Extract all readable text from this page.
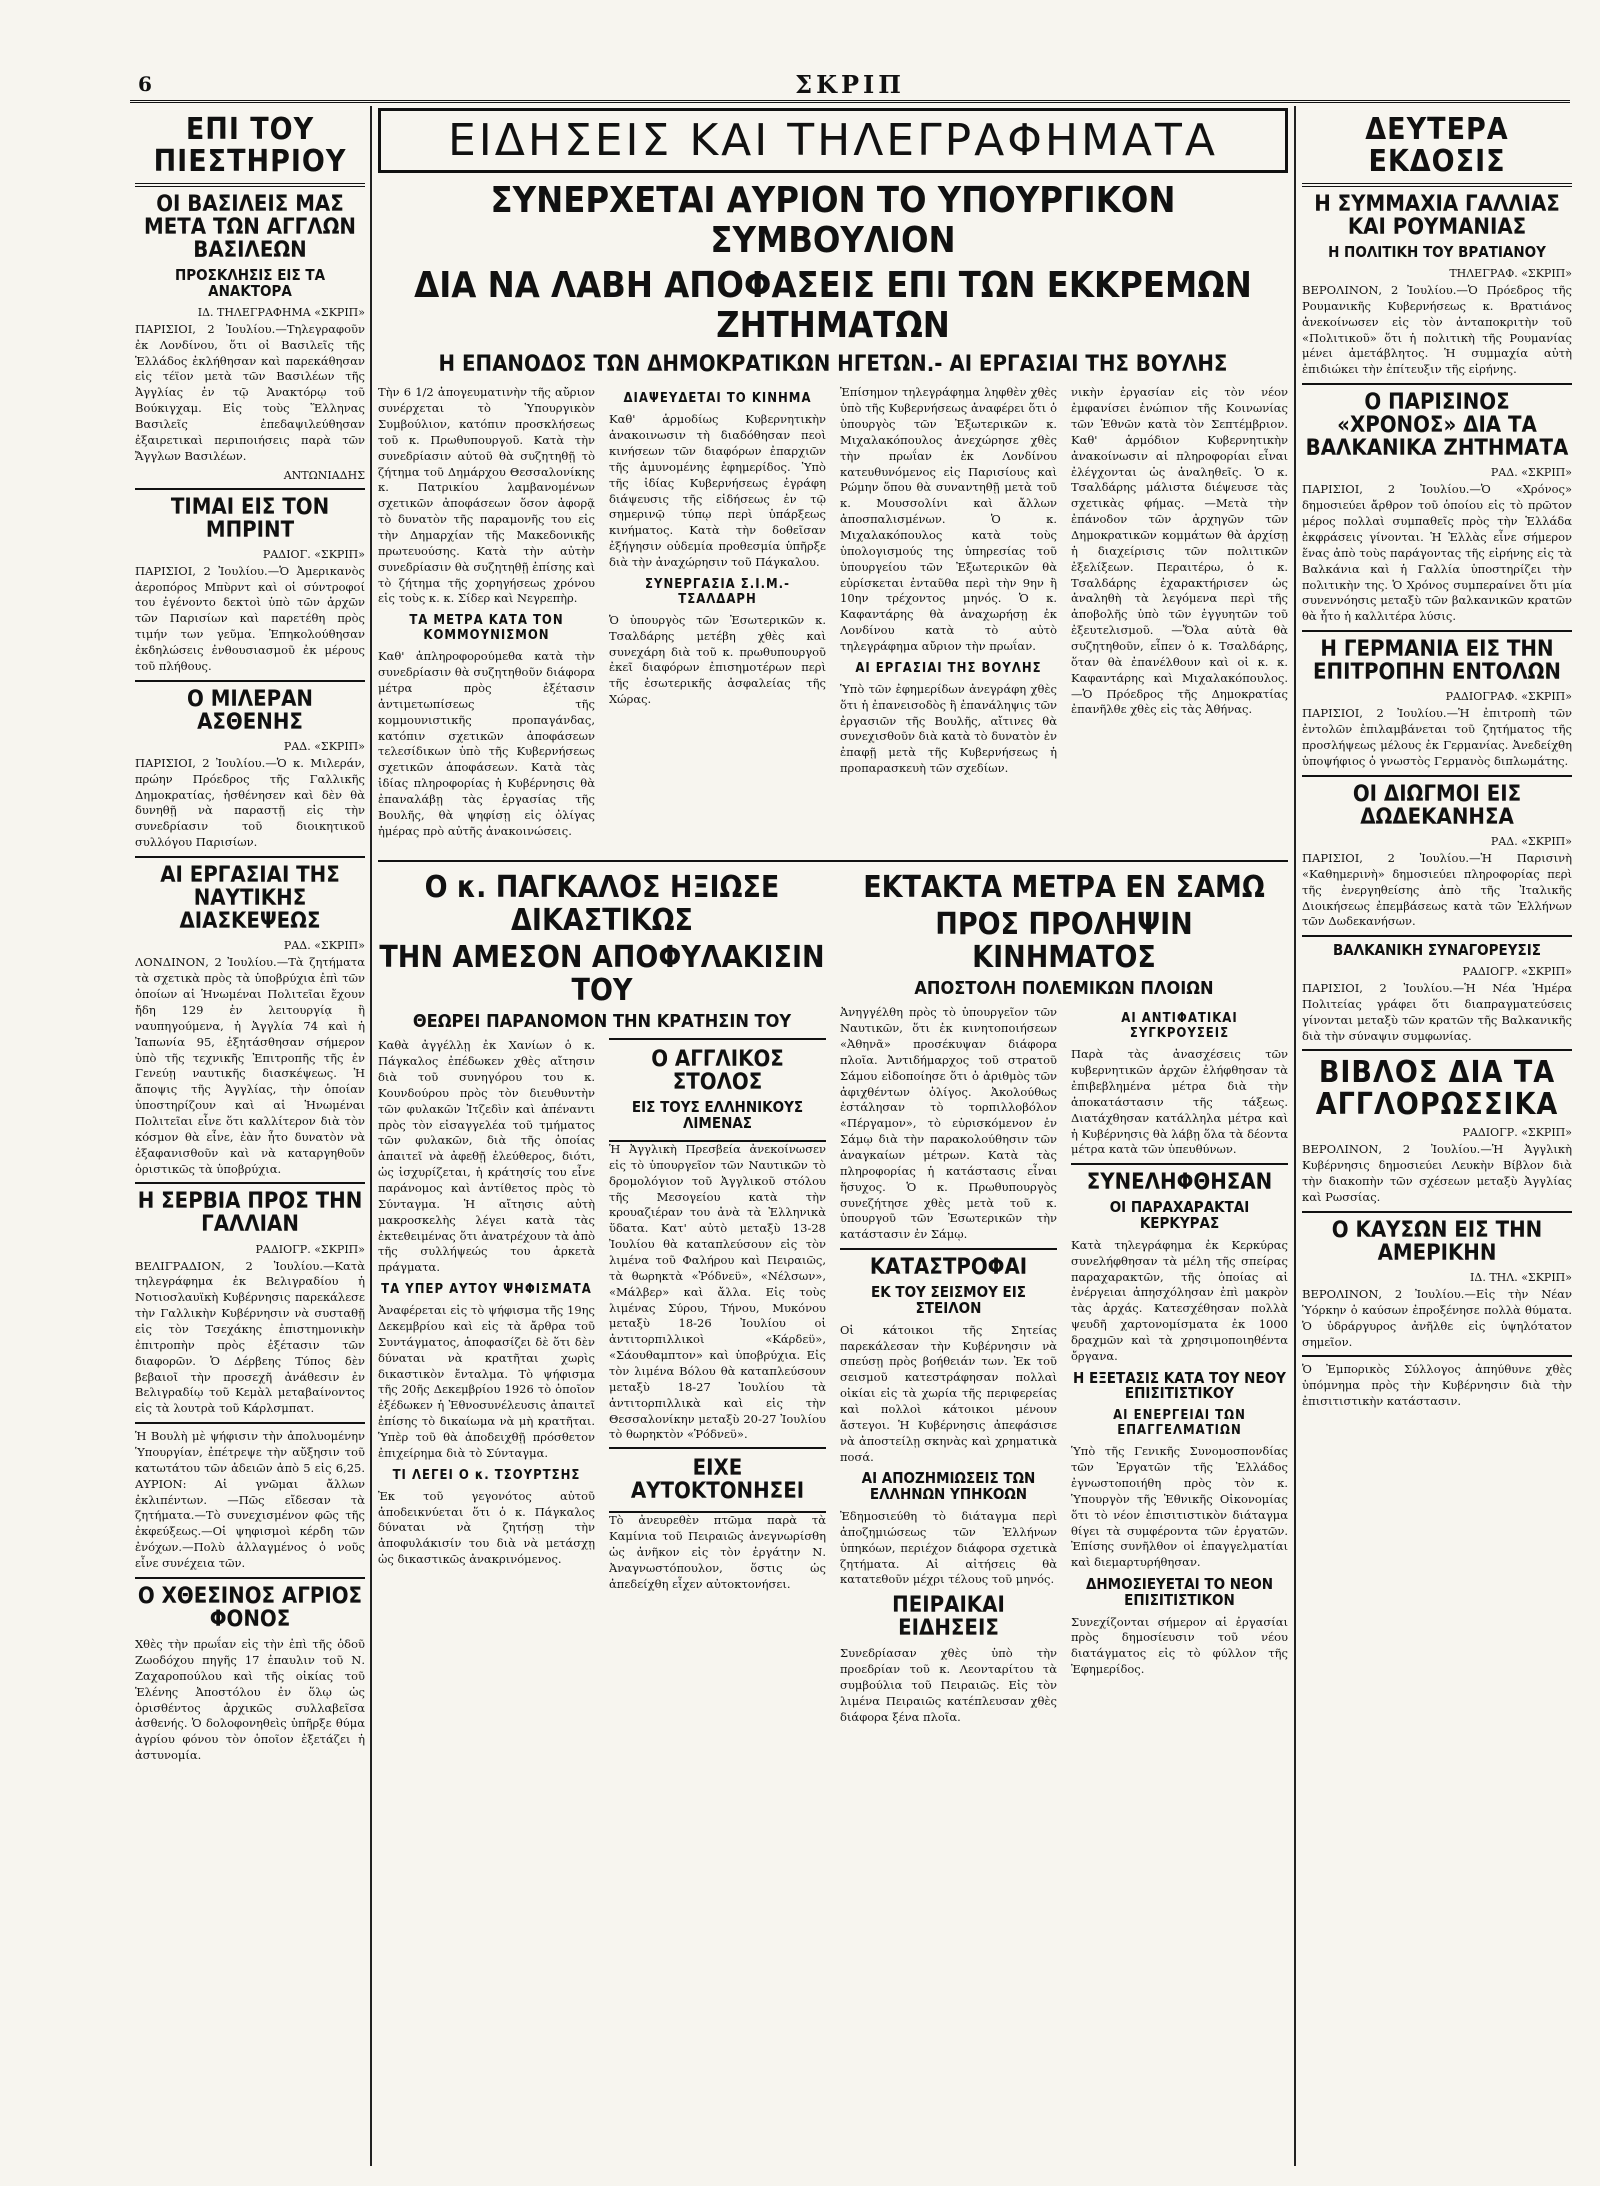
6	ΣΚΡΙΠ
ΕΠΙ ΤΟΥ ΠΙΕΣΤΗΡΙΟΥ
ΟΙ ΒΑΣΙΛΕΙΣ ΜΑΣ ΜΕΤΑ ΤΩΝ ΑΓΓΛΩΝ ΒΑΣΙΛΕΩΝ
ΠΡΟΣΚΛΗΣΙΣ ΕΙΣ ΤΑ ΑΝΑΚΤΟΡΑ
ΙΔ. ΤΗΛΕΓΡΑΦΗΜΑ «ΣΚΡΙΠ»

ΠΑΡΙΣΙΟΙ, 2 Ἰουλίου.—Τηλεγραφοῦν ἐκ Λονδίνου, ὅτι οἱ Βασιλεῖς τῆς Ἑλλάδος ἐκλήθησαν καὶ παρεκάθησαν εἰς τέϊον μετὰ τῶν Βασιλέων τῆς Ἀγγλίας ἐν τῷ Ἀνακτόρῳ τοῦ Βούκιγχαμ. Εἰς τοὺς Ἕλληνας Βασιλεῖς ἐπεδαψιλεύθησαν ἐξαιρετικαὶ περιποιήσεις παρὰ τῶν Ἄγγλων Βασιλέων.

ΑΝΤΩΝΙΑΔΗΣ
ΤΙΜΑΙ ΕΙΣ ΤΟΝ ΜΠΡΙΝΤ
ΡΑΔΙΟΓ. «ΣΚΡΙΠ»

ΠΑΡΙΣΙΟΙ, 2 Ἰουλίου.—Ὁ Ἀμερικανὸς ἀεροπόρος Μπὺρντ καὶ οἱ σύντροφοί του ἐγένοντο δεκτοὶ ὑπὸ τῶν ἀρχῶν τῶν Παρισίων καὶ παρετέθη πρὸς τιμήν των γεῦμα. Ἐπηκολούθησαν ἐκδηλώσεις ἐνθουσιασμοῦ ἐκ μέρους τοῦ πλήθους.

Ο ΜΙΛΕΡΑΝ ΑΣΘΕΝΗΣ
ΡΑΔ. «ΣΚΡΙΠ»

ΠΑΡΙΣΙΟΙ, 2 Ἰουλίου.—Ὁ κ. Μιλεράν, πρώην Πρόεδρος τῆς Γαλλικῆς Δημοκρατίας, ἠσθένησεν καὶ δὲν θὰ δυνηθῇ νὰ παραστῇ εἰς τὴν συνεδρίασιν τοῦ διοικητικοῦ συλλόγου Παρισίων.

ΑΙ ΕΡΓΑΣΙΑΙ ΤΗΣ ΝΑΥΤΙΚΗΣ ΔΙΑΣΚΕΨΕΩΣ
ΡΑΔ. «ΣΚΡΙΠ»

ΛΟΝΔΙΝΟΝ, 2 Ἰουλίου.—Τὰ ζητήματα τὰ σχετικὰ πρὸς τὰ ὑποβρύχια ἐπὶ τῶν ὁποίων αἱ Ἡνωμέναι Πολιτεῖαι ἔχουν ἤδη 129 ἐν λειτουργίᾳ ἢ ναυπηγούμενα, ἡ Ἀγγλία 74 καὶ ἡ Ἰαπωνία 95, ἐξητάσθησαν σήμερον ὑπὸ τῆς τεχνικῆς Ἐπιτροπῆς τῆς ἐν Γενεύῃ ναυτικῆς διασκέψεως. Ἡ ἄποψις τῆς Ἀγγλίας, τὴν ὁποίαν ὑποστηρίζουν καὶ αἱ Ἡνωμέναι Πολιτεῖαι εἶνε ὅτι καλλίτερον διὰ τὸν κόσμον θὰ εἶνε, ἐὰν ἦτο δυνατὸν νὰ ἐξαφανισθοῦν καὶ νὰ καταργηθοῦν ὁριστικῶς τὰ ὑποβρύχια.

Η ΣΕΡΒΙΑ ΠΡΟΣ ΤΗΝ ΓΑΛΛΙΑΝ
ΡΑΔΙΟΓΡ. «ΣΚΡΙΠ»

ΒΕΛΙΓΡΑΔΙΟΝ, 2 Ἰουλίου.—Κατὰ τηλεγράφημα ἐκ Βελιγραδίου ἡ Νοτιοσλαυϊκὴ Κυβέρνησις παρεκάλεσε τὴν Γαλλικὴν Κυβέρνησιν νὰ συσταθῇ εἰς τὸν Τσεχάκης ἐπιστημονικὴν ἐπιτροπὴν πρὸς ἐξέτασιν τῶν διαφορῶν. Ὁ Δέρβεης Τύπος δὲν βεβαιοῖ τὴν προσεχῆ ἀνάθεσιν ἐν Βελιγραδίῳ τοῦ Κεμὰλ μεταβαίνοντος εἰς τὰ λουτρὰ τοῦ Κάρλσμπατ.

Ἡ Βουλὴ μὲ ψήφισιν τὴν ἀπολυομένην Ὑπουργίαν, ἐπέτρεψε τὴν αὔξησιν τοῦ κατωτάτου τῶν ἀδειῶν ἀπὸ 5 εἰς 6,25. ΑΥΡΙΟΝ: Αἱ γνῶμαι ἄλλων ἐκλιπέντων. —Πῶς εἴδεσαν τὰ ζητήματα.—Τὸ συνεχισμένον φῶς τῆς ἐκφεύξεως.—Οἱ ψηφισμοὶ κέρδη τῶν ἐνόχων.—Πολὺ ἀλλαγμένος ὁ νοῦς εἶνε συνέχεια τῶν.

Ο ΧΘΕΣΙΝΟΣ ΑΓΡΙΟΣ ΦΟΝΟΣ

Χθὲς τὴν πρωΐαν εἰς τὴν ἐπὶ τῆς ὁδοῦ Ζωοδόχου πηγῆς 17 ἐπαυλιν τοῦ Ν. Ζαχαροπούλου καὶ τῆς οἰκίας τοῦ Ἑλένης Ἀποστόλου ἐν ὅλῳ ὡς ὁρισθέντος ἀρχικῶς συλλαβεῖσα ἀσθενής. Ὁ δολοφονηθεὶς ὑπῆρξε θύμα ἀγρίου φόνου τὸν ὁποῖον ἐξετάζει ἡ ἀστυνομία.

ΕΙΔΗΣΕΙΣ ΚΑΙ ΤΗΛΕΓΡΑΦΗΜΑΤΑ
ΣΥΝΕΡΧΕΤΑΙ ΑΥΡΙΟΝ ΤΟ ΥΠΟΥΡΓΙΚΟΝ ΣΥΜΒΟΥΛΙΟΝ
ΔΙΑ ΝΑ ΛΑΒΗ ΑΠΟΦΑΣΕΙΣ ΕΠΙ ΤΩΝ ΕΚΚΡΕΜΩΝ ΖΗΤΗΜΑΤΩΝ
Η ΕΠΑΝΟΔΟΣ ΤΩΝ ΔΗΜΟΚΡΑΤΙΚΩΝ ΗΓΕΤΩΝ.- ΑΙ ΕΡΓΑΣΙΑΙ ΤΗΣ ΒΟΥΛΗΣ

Τὴν 6 1/2 ἀπογευματινὴν τῆς αὔριον συνέρχεται τὸ Ὑπουργικὸν Συμβούλιον, κατόπιν προσκλήσεως τοῦ κ. Πρωθυπουργοῦ. Κατὰ τὴν συνεδρίασιν αὐτοῦ θὰ συζητηθῇ τὸ ζήτημα τοῦ Δημάρχου Θεσσαλονίκης κ. Πατρικίου λαμβανομένων σχετικῶν ἀποφάσεων ὅσον ἀφορᾷ τὸ δυνατὸν τῆς παραμονῆς του εἰς τὴν Δημαρχίαν τῆς Μακεδονικῆς πρωτευούσης. Κατὰ τὴν αὐτὴν συνεδρίασιν θὰ συζητηθῇ ἐπίσης καὶ τὸ ζήτημα τῆς χορηγήσεως χρόνου εἰς τοὺς κ. κ. Σίδερ καὶ Νεγρεπὴρ.

ΤΑ ΜΕΤΡΑ ΚΑΤΑ ΤΟΝ ΚΟΜΜΟΥΝΙΣΜΟΝ

Καθ' ἁπληροφορούμεθα κατὰ τὴν συνεδρίασιν θὰ συζητηθοῦν διάφορα μέτρα πρὸς ἐξέτασιν ἀντιμετωπίσεως τῆς κομμουνιστικῆς προπαγάνδας, κατόπιν σχετικῶν ἀποφάσεων τελεσίδικων ὑπὸ τῆς Κυβερνήσεως σχετικῶν ἀποφάσεων. Κατὰ τὰς ἰδίας πληροφορίας ἡ Κυβέρνησις θὰ ἐπαναλάβῃ τὰς ἐργασίας τῆς Βουλῆς, θὰ ψηφίσῃ εἰς ὀλίγας ἡμέρας πρὸ αὐτῆς ἀνακοινώσεις.

ΔΙΑΨΕΥΔΕΤΑΙ ΤΟ ΚΙΝΗΜΑ

Καθ' ἁρμοδίως Κυβερνητικὴν ἀνακοινωσιν τὴ διαδόθησαν πεοὶ κινήσεων τῶν διαφόρων ἐπαρχιῶν τῆς ἀμυνομένης ἐφημερίδος. Ὑπὸ τῆς ἰδίας Κυβερνήσεως ἐγράφη διάψευσις τῆς εἰδήσεως ἐν τῷ σημερινῷ τύπῳ περὶ ὑπάρξεως κινήματος. Κατὰ τὴν δοθεῖσαν ἐξήγησιν οὐδεμία προθεσμία ὑπῆρξε διὰ τὴν ἀναχώρησιν τοῦ Πάγκαλου.

ΣΥΝΕΡΓΑΣΙΑ Σ.Ι.Μ.-ΤΣΑΛΔΑΡΗ

Ὁ ὑπουργὸς τῶν Ἐσωτερικῶν κ. Τσαλδάρης μετέβη χθὲς καὶ συνεχάρη διὰ τοῦ κ. πρωθυπουργοῦ ἐκεῖ διαφόρων ἐπισημοτέρων περὶ τῆς ἐσωτερικῆς ἀσφαλείας τῆς Χώρας.

Ἐπίσημον τηλεγράφημα ληφθὲν χθὲς ὑπὸ τῆς Κυβερνήσεως ἀναφέρει ὅτι ὁ ὑπουργὸς τῶν Ἐξωτερικῶν κ. Μιχαλακόπουλος ἀνεχώρησε χθὲς τὴν πρωΐαν ἐκ Λονδίνου κατευθυνόμενος εἰς Παρισίους καὶ Ρώμην ὅπου θὰ συναντηθῇ μετὰ τοῦ κ. Μουσσολίνι καὶ ἄλλων ἀποσπαλισμένων. Ὁ κ. Μιχαλακόπουλος κατὰ τοὺς ὑπολογισμούς της ὑπηρεσίας τοῦ ὑπουργείου τῶν Ἐξωτερικῶν θὰ εὑρίσκεται ἐνταῦθα περὶ τὴν 9ην ἢ 10ην τρέχοντος μηνός. Ὁ κ. Καφαντάρης θὰ ἀναχωρήσῃ ἐκ Λονδίνου κατὰ τὸ αὐτὸ τηλεγράφημα αὔριον τὴν πρωΐαν.

ΑΙ ΕΡΓΑΣΙΑΙ ΤΗΣ ΒΟΥΛΗΣ

Ὑπὸ τῶν ἐφημερίδων ἀνεγράφη χθὲς ὅτι ἡ ἐπανεισοδὸς ἢ ἐπανάληψις τῶν ἐργασιῶν τῆς Βουλῆς, αἴτινες θὰ συνεχισθοῦν διὰ κατὰ τὸ δυνατὸν ἐν ἐπαφῇ μετὰ τῆς Κυβερνήσεως ἡ προπαρασκευὴ τῶν σχεδίων.

νικὴν ἐργασίαν εἰς τὸν νέον ἐμφανίσει ἐνώπιον τῆς Κοινωνίας τῶν Ἐθνῶν κατὰ τὸν Σεπτέμβριον. Καθ' ἁρμόδιον Κυβερνητικὴν ἀνακοίνωσιν αἱ πληροφορίαι εἶναι ἐλέγχονται ὡς ἀναληθεῖς. Ὁ κ. Τσαλδάρης μάλιστα διέψευσε τὰς σχετικὰς φήμας. —Μετὰ τὴν ἐπάνοδον τῶν ἀρχηγῶν τῶν Δημοκρατικῶν κομμάτων θὰ ἀρχίσῃ ἡ διαχείρισις τῶν πολιτικῶν ἐξελίξεων. Περαιτέρω, ὁ κ. Τσαλδάρης ἐχαρακτήρισεν ὡς ἀναληθὴ τὰ λεγόμενα περὶ τῆς ἀποβολῆς ὑπὸ τῶν ἐγγυητῶν τοῦ ἐξευτελισμοῦ. —Ὅλα αὐτὰ θὰ συζητηθοῦν, εἶπεν ὁ κ. Τσαλδάρης, ὅταν θὰ ἐπανέλθουν καὶ οἱ κ. κ. Καφαντάρης καὶ Μιχαλακόπουλος. —Ὁ Πρόεδρος τῆς Δημοκρατίας ἐπανῆλθε χθὲς εἰς τὰς Ἀθήνας.

Ο κ. ΠΑΓΚΑΛΟΣ ΗΞΙΩΣΕ ΔΙΚΑΣΤΙΚΩΣ
ΤΗΝ ΑΜΕΣΟΝ ΑΠΟΦΥΛΑΚΙΣΙΝ ΤΟΥ
ΘΕΩΡΕΙ ΠΑΡΑΝΟΜΟΝ ΤΗΝ ΚΡΑΤΗΣΙΝ ΤΟΥ

Καθὰ ἀγγέλλῃ ἐκ Χανίων ὁ κ. Πάγκαλος ἐπέδωκεν χθὲς αἴτησιν διὰ τοῦ συνηγόρου του κ. Κουνδούρου πρὸς τὸν διευθυντὴν τῶν φυλακῶν Ἰτζεδὶν καὶ ἀπέναντι πρὸς τὸν εἰσαγγελέα τοῦ τμήματος τῶν φυλακῶν, διὰ τῆς ὁποίας ἀπαιτεῖ νὰ ἀφεθῇ ἐλεύθερος, διότι, ὡς ἰσχυρίζεται, ἡ κράτησίς του εἶνε παράνομος καὶ ἀντίθετος πρὸς τὸ Σύνταγμα. Ἡ αἴτησις αὐτὴ μακροσκελὴς λέγει κατὰ τὰς ἐκτεθειμένας ὅτι ἀνατρέχουν τὰ ἀπὸ τῆς συλλήψεώς του ἀρκετὰ πράγματα.

ΤΑ ΥΠΕΡ ΑΥΤΟΥ ΨΗΦΙΣΜΑΤΑ

Ἀναφέρεται εἰς τὸ ψήφισμα τῆς 19ης Δεκεμβρίου καὶ εἰς τὰ ἄρθρα τοῦ Συντάγματος, ἀποφασίζει δὲ ὅτι δὲν δύναται νὰ κρατῆται χωρὶς δικαστικὸν ἔνταλμα. Τὸ ψήφισμα τῆς 20ῆς Δεκεμβρίου 1926 τὸ ὁποῖον ἐξέδωκεν ἡ Ἐθνοσυνέλευσις ἀπαιτεῖ ἐπίσης τὸ δικαίωμα νὰ μὴ κρατῆται. Ὑπὲρ τοῦ θὰ ἀποδειχθῇ πρόσθετον ἐπιχείρημα διὰ τὸ Σύνταγμα.

ΤΙ ΛΕΓΕΙ Ο κ. ΤΣΟΥΡΤΣΗΣ

Ἐκ τοῦ γεγονότος αὐτοῦ ἀποδεικνύεται ὅτι ὁ κ. Πάγκαλος δύναται νὰ ζητήσῃ τὴν ἀποφυλάκισίν του διὰ νὰ μετάσχῃ ὡς δικαστικῶς ἀνακρινόμενος.

Ο ΑΓΓΛΙΚΟΣ ΣΤΟΛΟΣ
ΕΙΣ ΤΟΥΣ ΕΛΛΗΝΙΚΟΥΣ ΛΙΜΕΝΑΣ

Ἡ Ἀγγλικὴ Πρεσβεία ἀνεκοίνωσεν εἰς τὸ ὑπουργεῖον τῶν Ναυτικῶν τὸ δρομολόγιον τοῦ Ἀγγλικοῦ στόλου τῆς Μεσογείου κατὰ τὴν κρουαζιέραν του ἀνὰ τὰ Ἑλληνικὰ ὕδατα. Κατ' αὐτὸ μεταξὺ 13-28 Ἰουλίου θὰ καταπλεύσουν εἰς τὸν λιμένα τοῦ Φαλήρου καὶ Πειραιῶς, τὰ θωρηκτὰ «Ῥόδνεϋ», «Νέλσων», «Μάλβερ» καὶ ἄλλα. Εἰς τοὺς λιμένας Σύρου, Τήνου, Μυκόνου μεταξὺ 18-26 Ἰουλίου οἱ ἀντιτορπιλλικοὶ «Κάρδεϋ», «Σάουθαμπτον» καὶ ὑποβρύχια. Εἰς τὸν λιμένα Βόλου θὰ καταπλεύσουν μεταξὺ 18-27 Ἰουλίου τὰ ἀντιτορπιλλικὰ καὶ εἰς τὴν Θεσσαλονίκην μεταξὺ 20-27 Ἰουλίου τὸ θωρηκτὸν «Ῥόδνεϋ».

ΕΙΧΕ ΑΥΤΟΚΤΟΝΗΣΕΙ

Τὸ ἀνευρεθὲν πτῶμα παρὰ τὰ Καμίνια τοῦ Πειραιῶς ἀνεγνωρίσθη ὡς ἀνῆκον εἰς τὸν ἐργάτην Ν. Ἀναγνωστόπουλον, ὅστις ὡς ἀπεδείχθη εἶχεν αὐτοκτονήσει.

ΕΚΤΑΚΤΑ ΜΕΤΡΑ ΕΝ ΣΑΜΩ
ΠΡΟΣ ΠΡΟΛΗΨΙΝ ΚΙΝΗΜΑΤΟΣ
ΑΠΟΣΤΟΛΗ ΠΟΛΕΜΙΚΩΝ ΠΛΟΙΩΝ

Ἀνηγγέλθη πρὸς τὸ ὑπουργεῖον τῶν Ναυτικῶν, ὅτι ἐκ κινητοποιήσεων «Ἀθηνᾶ» προσέκυψαν διάφορα πλοῖα. Ἀντιδήμαρχος τοῦ στρατοῦ Σάμου εἰδοποίησε ὅτι ὁ ἀριθμὸς τῶν ἀφιχθέντων ὀλίγος. Ἀκολούθως ἐστάλησαν τὸ τορπιλλοβόλον «Πέργαμον», τὸ εὑρισκόμενον ἐν Σάμῳ διὰ τὴν παρακολούθησιν τῶν ἀναγκαίων μέτρων. Κατὰ τὰς πληροφορίας ἡ κατάστασις εἶναι ἥσυχος. Ὁ κ. Πρωθυπουργὸς συνεζήτησε χθὲς μετὰ τοῦ κ. ὑπουργοῦ τῶν Ἐσωτερικῶν τὴν κατάστασιν ἐν Σάμῳ.

ΚΑΤΑΣΤΡΟΦΑΙ
ΕΚ ΤΟΥ ΣΕΙΣΜΟΥ ΕΙΣ ΣΤΕΙΛΟΝ

Οἱ κάτοικοι τῆς Σητείας παρεκάλεσαν τὴν Κυβέρνησιν νὰ σπεύσῃ πρὸς βοήθειάν των. Ἐκ τοῦ σεισμοῦ κατεστράφησαν πολλαὶ οἰκίαι εἰς τὰ χωρία τῆς περιφερείας καὶ πολλοὶ κάτοικοι μένουν ἄστεγοι. Ἡ Κυβέρνησις ἀπεφάσισε νὰ ἀποστείλῃ σκηνὰς καὶ χρηματικὰ ποσά.

ΑΙ ΑΠΟΖΗΜΙΩΣΕΙΣ ΤΩΝ ΕΛΛΗΝΩΝ ΥΠΗΚΟΩΝ

Ἐδημοσιεύθη τὸ διάταγμα περὶ ἀποζημιώσεως τῶν Ἑλλήνων ὑπηκόων, περιέχον διάφορα σχετικὰ ζητήματα. Αἱ αἰτήσεις θὰ κατατεθοῦν μέχρι τέλους τοῦ μηνός.

ΠΕΙΡΑΙΚΑΙ ΕΙΔΗΣΕΙΣ

Συνεδρίασαν χθὲς ὑπὸ τὴν προεδρίαν τοῦ κ. Λεονταρίτου τὰ συμβούλια τοῦ Πειραιῶς. Εἰς τὸν λιμένα Πειραιῶς κατέπλευσαν χθὲς διάφορα ξένα πλοῖα.

ΑΙ ΑΝΤΙΦΑΤΙΚΑΙ ΣΥΓΚΡΟΥΣΕΙΣ

Παρὰ τὰς ἀνασχέσεις τῶν κυβερνητικῶν ἀρχῶν ἐλήφθησαν τὰ ἐπιβεβλημένα μέτρα διὰ τὴν ἀποκατάστασιν τῆς τάξεως. Διατάχθησαν κατάλληλα μέτρα καὶ ἡ Κυβέρνησις θὰ λάβῃ ὅλα τὰ δέοντα μέτρα κατὰ τῶν ὑπευθύνων.

ΣΥΝΕΛΗΦΘΗΣΑΝ
ΟΙ ΠΑΡΑΧΑΡΑΚΤΑΙ ΚΕΡΚΥΡΑΣ

Κατὰ τηλεγράφημα ἐκ Κερκύρας συνελήφθησαν τὰ μέλη τῆς σπείρας παραχαρακτῶν, τῆς ὁποίας αἱ ἐνέργειαι ἀπησχόλησαν ἐπὶ μακρὸν τὰς ἀρχάς. Κατεσχέθησαν πολλὰ ψευδῆ χαρτονομίσματα ἐκ 1000 δραχμῶν καὶ τὰ χρησιμοποιηθέντα ὄργανα.

Η ΕΞΕΤΑΣΙΣ ΚΑΤΑ ΤΟΥ ΝΕΟΥ ΕΠΙΣΙΤΙΣΤΙΚΟΥ
ΑΙ ΕΝΕΡΓΕΙΑΙ ΤΩΝ ΕΠΑΓΓΕΛΜΑΤΙΩΝ

Ὑπὸ τῆς Γενικῆς Συνομοσπονδίας τῶν Ἐργατῶν τῆς Ἑλλάδος ἐγνωστοποιήθη πρὸς τὸν κ. Ὑπουργὸν τῆς Ἐθνικῆς Οἰκονομίας ὅτι τὸ νέον ἐπισιτιστικὸν διάταγμα θίγει τὰ συμφέροντα τῶν ἐργατῶν. Ἐπίσης συνῆλθον οἱ ἐπαγγελματίαι καὶ διεμαρτυρήθησαν.

ΔΗΜΟΣΙΕΥΕΤΑΙ ΤΟ ΝΕΟΝ ΕΠΙΣΙΤΙΣΤΙΚΟΝ

Συνεχίζονται σήμερον αἱ ἐργασίαι πρὸς δημοσίευσιν τοῦ νέου διατάγματος εἰς τὸ φύλλον τῆς Ἐφημερίδος.

ΔΕΥΤΕΡΑ ΕΚΔΟΣΙΣ
Η ΣΥΜΜΑΧΙΑ ΓΑΛΛΙΑΣ ΚΑΙ ΡΟΥΜΑΝΙΑΣ
Η ΠΟΛΙΤΙΚΗ ΤΟΥ ΒΡΑΤΙΑΝΟΥ
ΤΗΛΕΓΡΑΦ. «ΣΚΡΙΠ»

ΒΕΡΟΛΙΝΟΝ, 2 Ἰουλίου.—Ὁ Πρόεδρος τῆς Ρουμανικῆς Κυβερνήσεως κ. Βρατιάνος ἀνεκοίνωσεν εἰς τὸν ἀνταποκριτὴν τοῦ «Πολιτικοῦ» ὅτι ἡ πολιτικὴ τῆς Ρουμανίας μένει ἀμετάβλητος. Ἡ συμμαχία αὐτὴ ἐπιδιώκει τὴν ἐπίτευξιν τῆς εἰρήνης.

Ο ΠΑΡΙΣΙΝΟΣ «ΧΡΟΝΟΣ» ΔΙΑ ΤΑ ΒΑΛΚΑΝΙΚΑ ΖΗΤΗΜΑΤΑ
ΡΑΔ. «ΣΚΡΙΠ»

ΠΑΡΙΣΙΟΙ, 2 Ἰουλίου.—Ὁ «Χρόνος» δημοσιεύει ἄρθρον τοῦ ὁποίου εἰς τὸ πρῶτον μέρος πολλαὶ συμπαθεῖς πρὸς τὴν Ἑλλάδα ἐκφράσεις γίνονται. Ἡ Ἑλλὰς εἶνε σήμερον ἕνας ἀπὸ τοὺς παράγοντας τῆς εἰρήνης εἰς τὰ Βαλκάνια καὶ ἡ Γαλλία ὑποστηρίζει τὴν πολιτικὴν της. Ὁ Χρόνος συμπεραίνει ὅτι μία συνεννόησις μεταξὺ τῶν βαλκανικῶν κρατῶν θὰ ἦτο ἡ καλλιτέρα λύσις.

Η ΓΕΡΜΑΝΙΑ ΕΙΣ ΤΗΝ ΕΠΙΤΡΟΠΗΝ ΕΝΤΟΛΩΝ
ΡΑΔΙΟΓΡΑΦ. «ΣΚΡΙΠ»

ΠΑΡΙΣΙΟΙ, 2 Ἰουλίου.—Ἡ ἐπιτροπὴ τῶν ἐντολῶν ἐπιλαμβάνεται τοῦ ζητήματος τῆς προσλήψεως μέλους ἐκ Γερμανίας. Ἀνεδείχθη ὑποψήφιος ὁ γνωστὸς Γερμανὸς διπλωμάτης.

ΟΙ ΔΙΩΓΜΟΙ ΕΙΣ ΔΩΔΕΚΑΝΗΣΑ
ΡΑΔ. «ΣΚΡΙΠ»

ΠΑΡΙΣΙΟΙ, 2 Ἰουλίου.—Ἡ Παρισινὴ «Καθημερινὴ» δημοσιεύει πληροφορίας περὶ τῆς ἐνεργηθείσης ἀπὸ τῆς Ἰταλικῆς Διοικήσεως ἐπεμβάσεως κατὰ τῶν Ἑλλήνων τῶν Δωδεκανήσων.

ΒΑΛΚΑΝΙΚΗ ΣΥΝΑΓΟΡΕΥΣΙΣ
ΡΑΔΙΟΓΡ. «ΣΚΡΙΠ»

ΠΑΡΙΣΙΟΙ, 2 Ἰουλίου.—Ἡ Νέα Ἡμέρα Πολιτείας γράφει ὅτι διαπραγματεύσεις γίνονται μεταξὺ τῶν κρατῶν τῆς Βαλκανικῆς διὰ τὴν σύναψιν συμφωνίας.

ΒΙΒΛΟΣ ΔΙΑ ΤΑ ΑΓΓΛΟΡΩΣΣΙΚΑ
ΡΑΔΙΟΓΡ. «ΣΚΡΙΠ»

ΒΕΡΟΛΙΝΟΝ, 2 Ἰουλίου.—Ἡ Ἀγγλικὴ Κυβέρνησις δημοσιεύει Λευκὴν Βίβλον διὰ τὴν διακοπὴν τῶν σχέσεων μεταξὺ Ἀγγλίας καὶ Ρωσσίας.

Ο ΚΑΥΣΩΝ ΕΙΣ ΤΗΝ ΑΜΕΡΙΚΗΝ
ΙΔ. ΤΗΛ. «ΣΚΡΙΠ»

ΒΕΡΟΛΙΝΟΝ, 2 Ἰουλίου.—Εἰς τὴν Νέαν Ὑόρκην ὁ καύσων ἐπροξένησε πολλὰ θύματα. Ὁ ὑδράργυρος ἀνῆλθε εἰς ὑψηλότατον σημεῖον.

Ὁ Ἐμπορικὸς Σύλλογος ἀπηύθυνε χθὲς ὑπόμνημα πρὸς τὴν Κυβέρνησιν διὰ τὴν ἐπισιτιστικὴν κατάστασιν.
